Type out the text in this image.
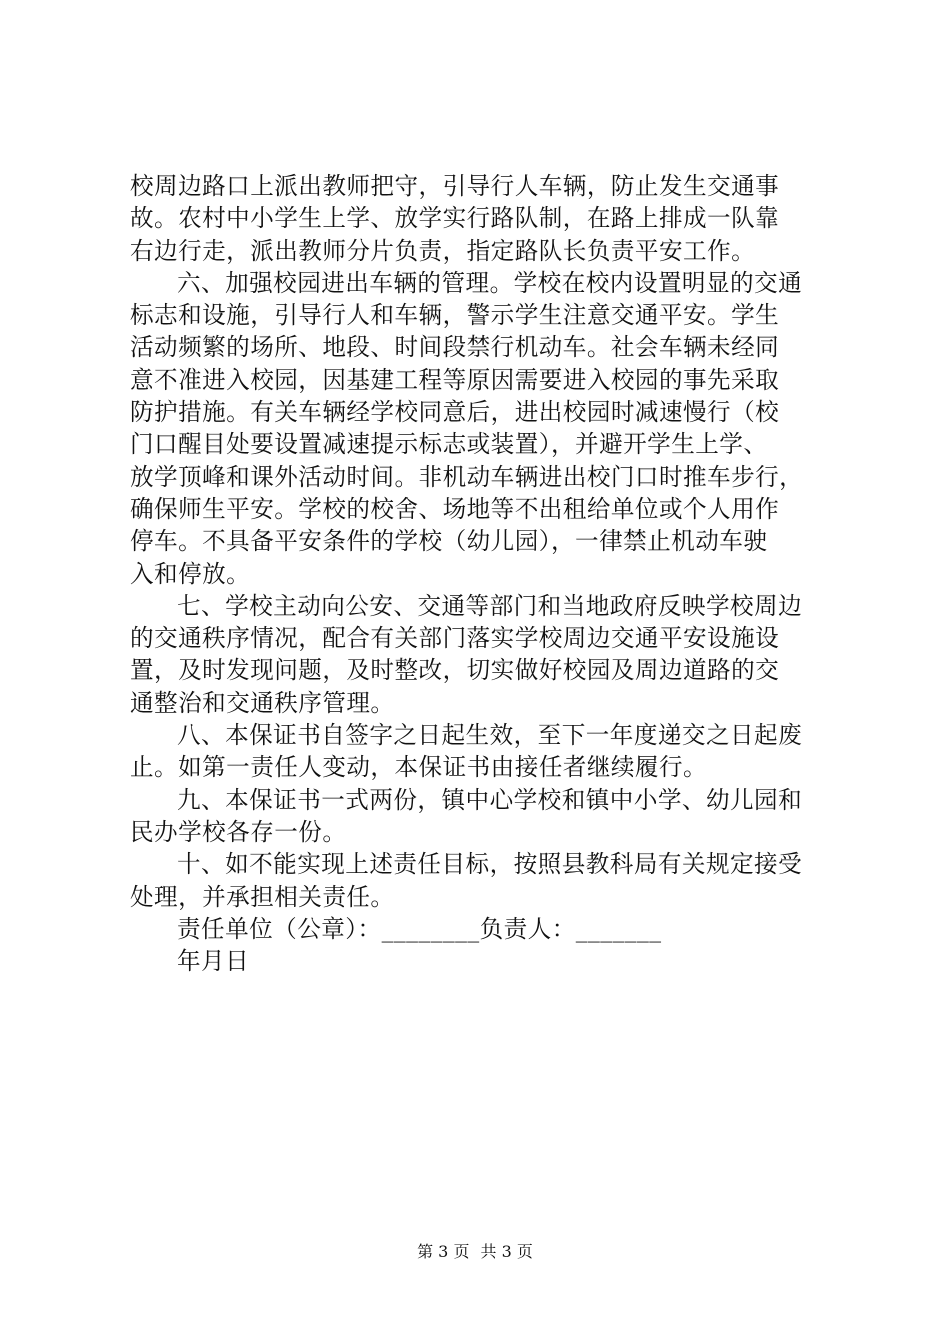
校周边路口上派出教师把守，引导行人车辆，防止发生交通事
故。农村中小学生上学、放学实行路队制，在路上排成一队靠
右边行走，派出教师分片负责，指定路队长负责平安工作。
六、加强校园进出车辆的管理。学校在校内设置明显的交通
标志和设施，引导行人和车辆，警示学生注意交通平安。学生
活动频繁的场所、地段、时间段禁行机动车。社会车辆未经同
意不准进入校园，因基建工程等原因需要进入校园的事先采取
防护措施。有关车辆经学校同意后，进出校园时减速慢行（校
门口醒目处要设置减速提示标志或装置），并避开学生上学、
放学顶峰和课外活动时间。非机动车辆进出校门口时推车步行，
确保师生平安。学校的校舍、场地等不出租给单位或个人用作
停车。不具备平安条件的学校（幼儿园），一律禁止机动车驶
入和停放。
七、学校主动向公安、交通等部门和当地政府反映学校周边
的交通秩序情况，配合有关部门落实学校周边交通平安设施设
置，及时发现问题，及时整改，切实做好校园及周边道路的交
通整治和交通秩序管理。
八、本保证书自签字之日起生效，至下一年度递交之日起废
止。如第一责任人变动，本保证书由接任者继续履行。
九、本保证书一式两份，镇中心学校和镇中小学、幼儿园和
民办学校各存一份。
十、如不能实现上述责任目标，按照县教科局有关规定接受
处理，并承担相关责任。
责任单位（公章）：________负责人：_______
年月日
第 3 页 共 3 页
